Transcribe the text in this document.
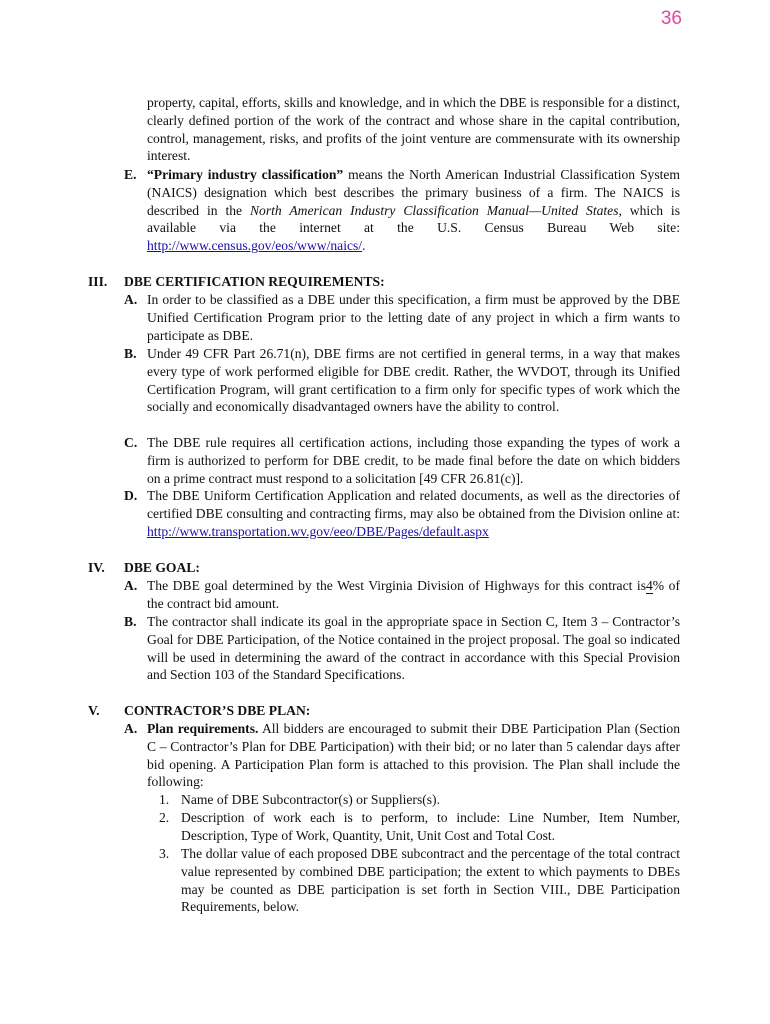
36
property, capital, efforts, skills and knowledge, and in which the DBE is responsible for a distinct, clearly defined portion of the work of the contract and whose share in the capital contribution, control, management, risks, and profits of the joint venture are commensurate with its ownership interest.
E. “Primary industry classification” means the North American Industrial Classification System (NAICS) designation which best describes the primary business of a firm. The NAICS is described in the North American Industry Classification Manual—United States, which is available via the internet at the U.S. Census Bureau Web site: http://www.census.gov/eos/www/naics/.
III. DBE CERTIFICATION REQUIREMENTS:
A. In order to be classified as a DBE under this specification, a firm must be approved by the DBE Unified Certification Program prior to the letting date of any project in which a firm wants to participate as DBE.
B. Under 49 CFR Part 26.71(n), DBE firms are not certified in general terms, in a way that makes every type of work performed eligible for DBE credit. Rather, the WVDOT, through its Unified Certification Program, will grant certification to a firm only for specific types of work which the socially and economically disadvantaged owners have the ability to control.
C. The DBE rule requires all certification actions, including those expanding the types of work a firm is authorized to perform for DBE credit, to be made final before the date on which bidders on a prime contract must respond to a solicitation [49 CFR 26.81(c)].
D. The DBE Uniform Certification Application and related documents, as well as the directories of certified DBE consulting and contracting firms, may also be obtained from the Division online at: http://www.transportation.wv.gov/eeo/DBE/Pages/default.aspx
IV. DBE GOAL:
A. The DBE goal determined by the West Virginia Division of Highways for this contract is4% of the contract bid amount.
B. The contractor shall indicate its goal in the appropriate space in Section C, Item 3 – Contractor’s Goal for DBE Participation, of the Notice contained in the project proposal. The goal so indicated will be used in determining the award of the contract in accordance with this Special Provision and Section 103 of the Standard Specifications.
V. CONTRACTOR’S DBE PLAN:
A. Plan requirements. All bidders are encouraged to submit their DBE Participation Plan (Section C – Contractor’s Plan for DBE Participation) with their bid; or no later than 5 calendar days after bid opening. A Participation Plan form is attached to this provision. The Plan shall include the following:
1. Name of DBE Subcontractor(s) or Suppliers(s).
2. Description of work each is to perform, to include: Line Number, Item Number, Description, Type of Work, Quantity, Unit, Unit Cost and Total Cost.
3. The dollar value of each proposed DBE subcontract and the percentage of the total contract value represented by combined DBE participation; the extent to which payments to DBEs may be counted as DBE participation is set forth in Section VIII., DBE Participation Requirements, below.
